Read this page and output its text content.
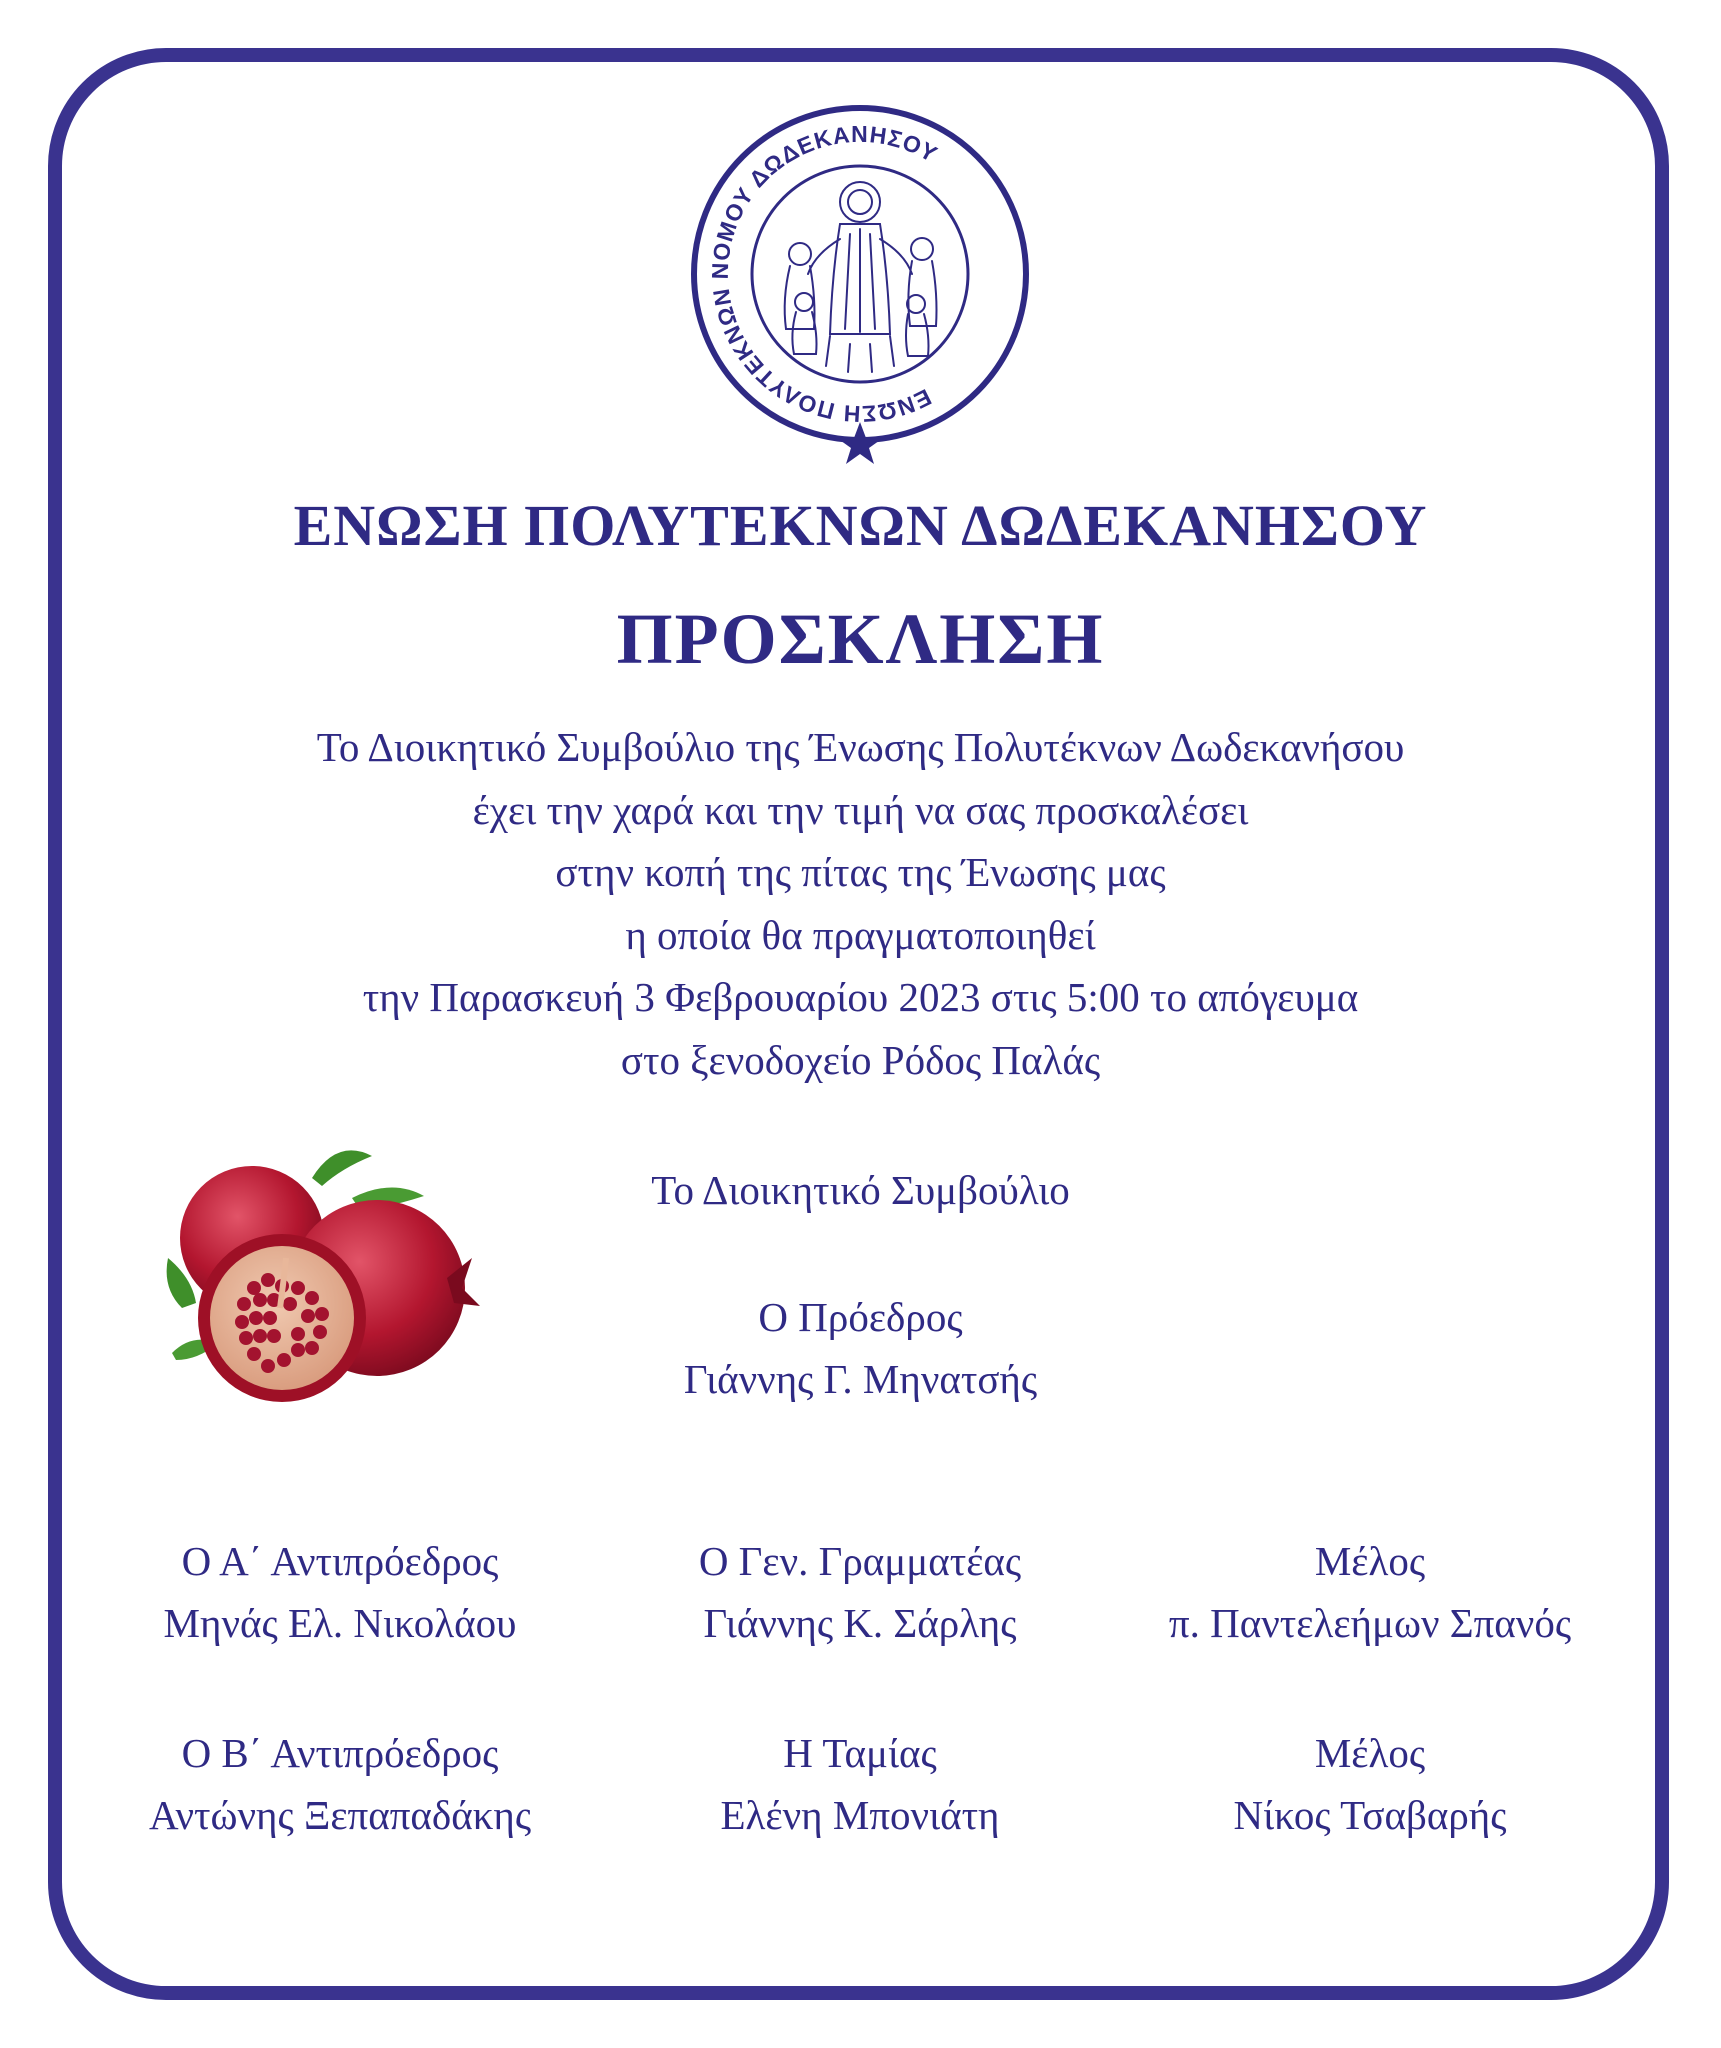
ΕΝΩΣΗ ΠΟΛΥΤΕΚΝΩΝ ΝΟΜΟΥ ΔΩΔΕΚΑΝΗΣΟΥ
ΕΝΩΣΗ ΠΟΛΥΤΕΚΝΩΝ ΔΩΔΕΚΑΝΗΣΟΥ
ΠΡΟΣΚΛΗΣΗ
Το Διοικητικό Συμβούλιο της Ένωσης Πολυτέκνων Δωδεκανήσου
έχει την χαρά και την τιμή να σας προσκαλέσει
στην κοπή της πίτας της Ένωσης μας
η οποία θα πραγματοποιηθεί
την Παρασκευή 3 Φεβρουαρίου 2023 στις 5:00 το απόγευμα
στο ξενοδοχείο Ρόδος Παλάς
Το Διοικητικό Συμβούλιο
Ο Πρόεδρος
Γιάννης Γ. Μηνατσής
Ο Α΄ Αντιπρόεδρος
Μηνάς Ελ. Νικολάου
Ο Γεν. Γραμματέας
Γιάννης Κ. Σάρλης
Μέλος
π. Παντελεήμων Σπανός
Ο Β΄ Αντιπρόεδρος
Αντώνης Ξεπαπαδάκης
Η Ταμίας
Ελένη Μπονιάτη
Μέλος
Νίκος Τσαβαρής
